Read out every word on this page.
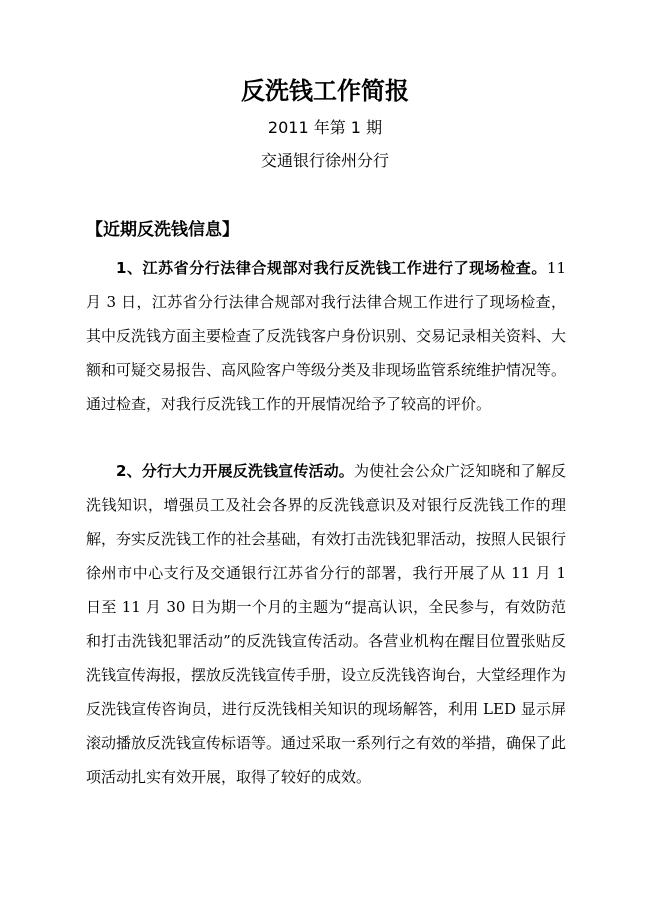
反洗钱工作简报
2011 年第 1 期
交通银行徐州分行
【近期反洗钱信息】

1、江苏省分行法律合规部对我行反洗钱工作进行了现场检查。11 月 3 日，江苏省分行法律合规部对我行法律合规工作进行了现场检查，其中反洗钱方面主要检查了反洗钱客户身份识别、交易记录相关资料、大额和可疑交易报告、高风险客户等级分类及非现场监管系统维护情况等。通过检查，对我行反洗钱工作的开展情况给予了较高的评价。

2、分行大力开展反洗钱宣传活动。为使社会公众广泛知晓和了解反洗钱知识，增强员工及社会各界的反洗钱意识及对银行反洗钱工作的理解，夯实反洗钱工作的社会基础，有效打击洗钱犯罪活动，按照人民银行徐州市中心支行及交通银行江苏省分行的部署，我行开展了从 11 月 1 日至 11 月 30 日为期一个月的主题为“提高认识，全民参与，有效防范和打击洗钱犯罪活动”的反洗钱宣传活动。各营业机构在醒目位置张贴反洗钱宣传海报，摆放反洗钱宣传手册，设立反洗钱咨询台，大堂经理作为反洗钱宣传咨询员，进行反洗钱相关知识的现场解答，利用 LED 显示屏滚动播放反洗钱宣传标语等。通过采取一系列行之有效的举措，确保了此项活动扎实有效开展，取得了较好的成效。
